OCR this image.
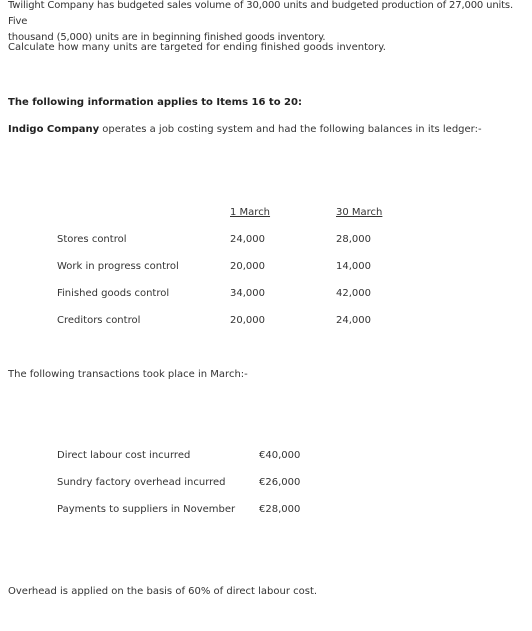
Twilight Company has budgeted sales volume of 30,000 units and budgeted production of 27,000 units. Five
thousand (5,000) units are in beginning finished goods inventory.
Calculate how many units are targeted for ending finished goods inventory.
The following information applies to Items 16 to 20:
Indigo Company operates a job costing system and had the following balances in its ledger:-
1 March	30 March
Stores control	24,000	28,000
Work in progress control	20,000	14,000
Finished goods control	34,000	42,000
Creditors control	20,000	24,000
The following transactions took place in March:-
Direct labour cost incurred	€40,000
Sundry factory overhead incurred	€26,000
Payments to suppliers in November €28,000
Overhead is applied on the basis of 60% of direct labour cost.
